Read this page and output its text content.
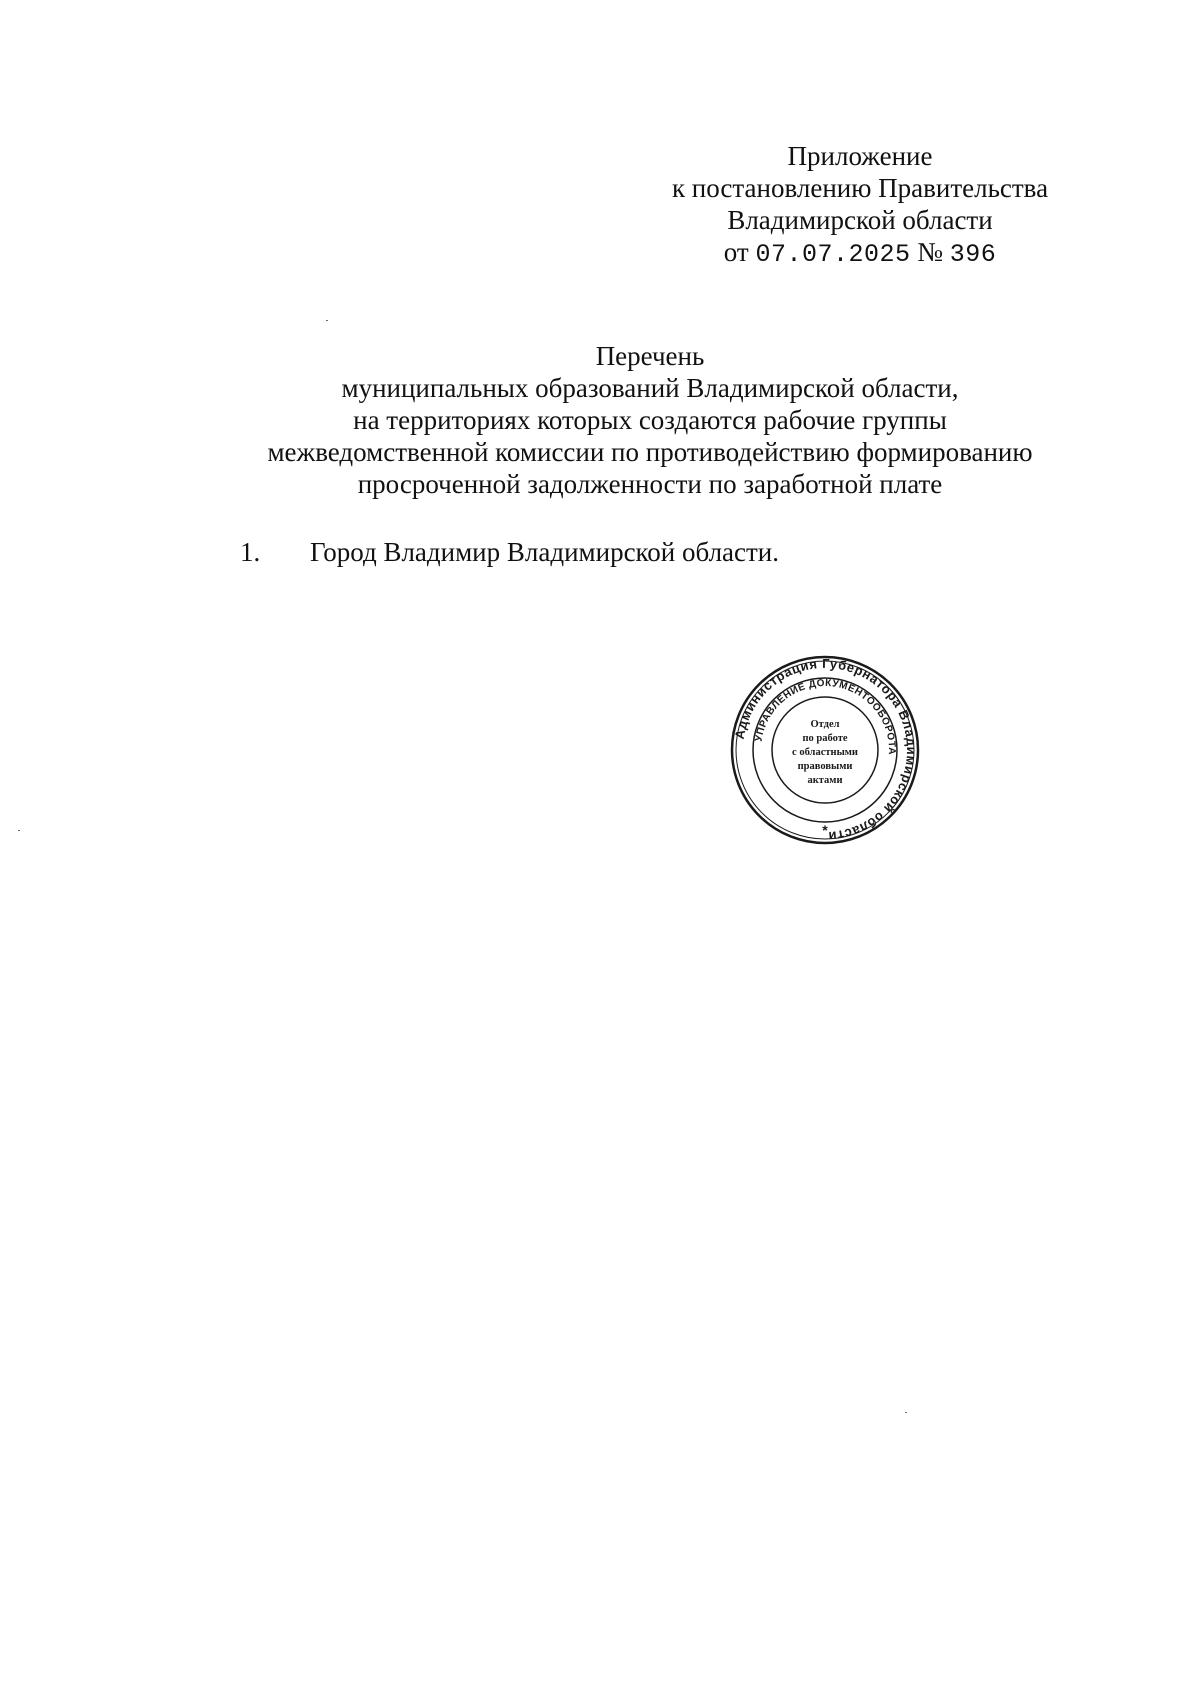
Приложение
к постановлению Правительства
Владимирской области
от 07.07.2025 № 396
Перечень
муниципальных образований Владимирской области,
на территориях которых создаются рабочие группы
межведомственной комиссии по противодействию формированию
просроченной задолженности по заработной плате
1.	Город Владимир Владимирской области.
Администрация Губернатора Владимирской области
УПРАВЛЕНИЕ ДОКУМЕНТООБОРОТА
Отдел
по работе
с областными
правовыми
актами
*
